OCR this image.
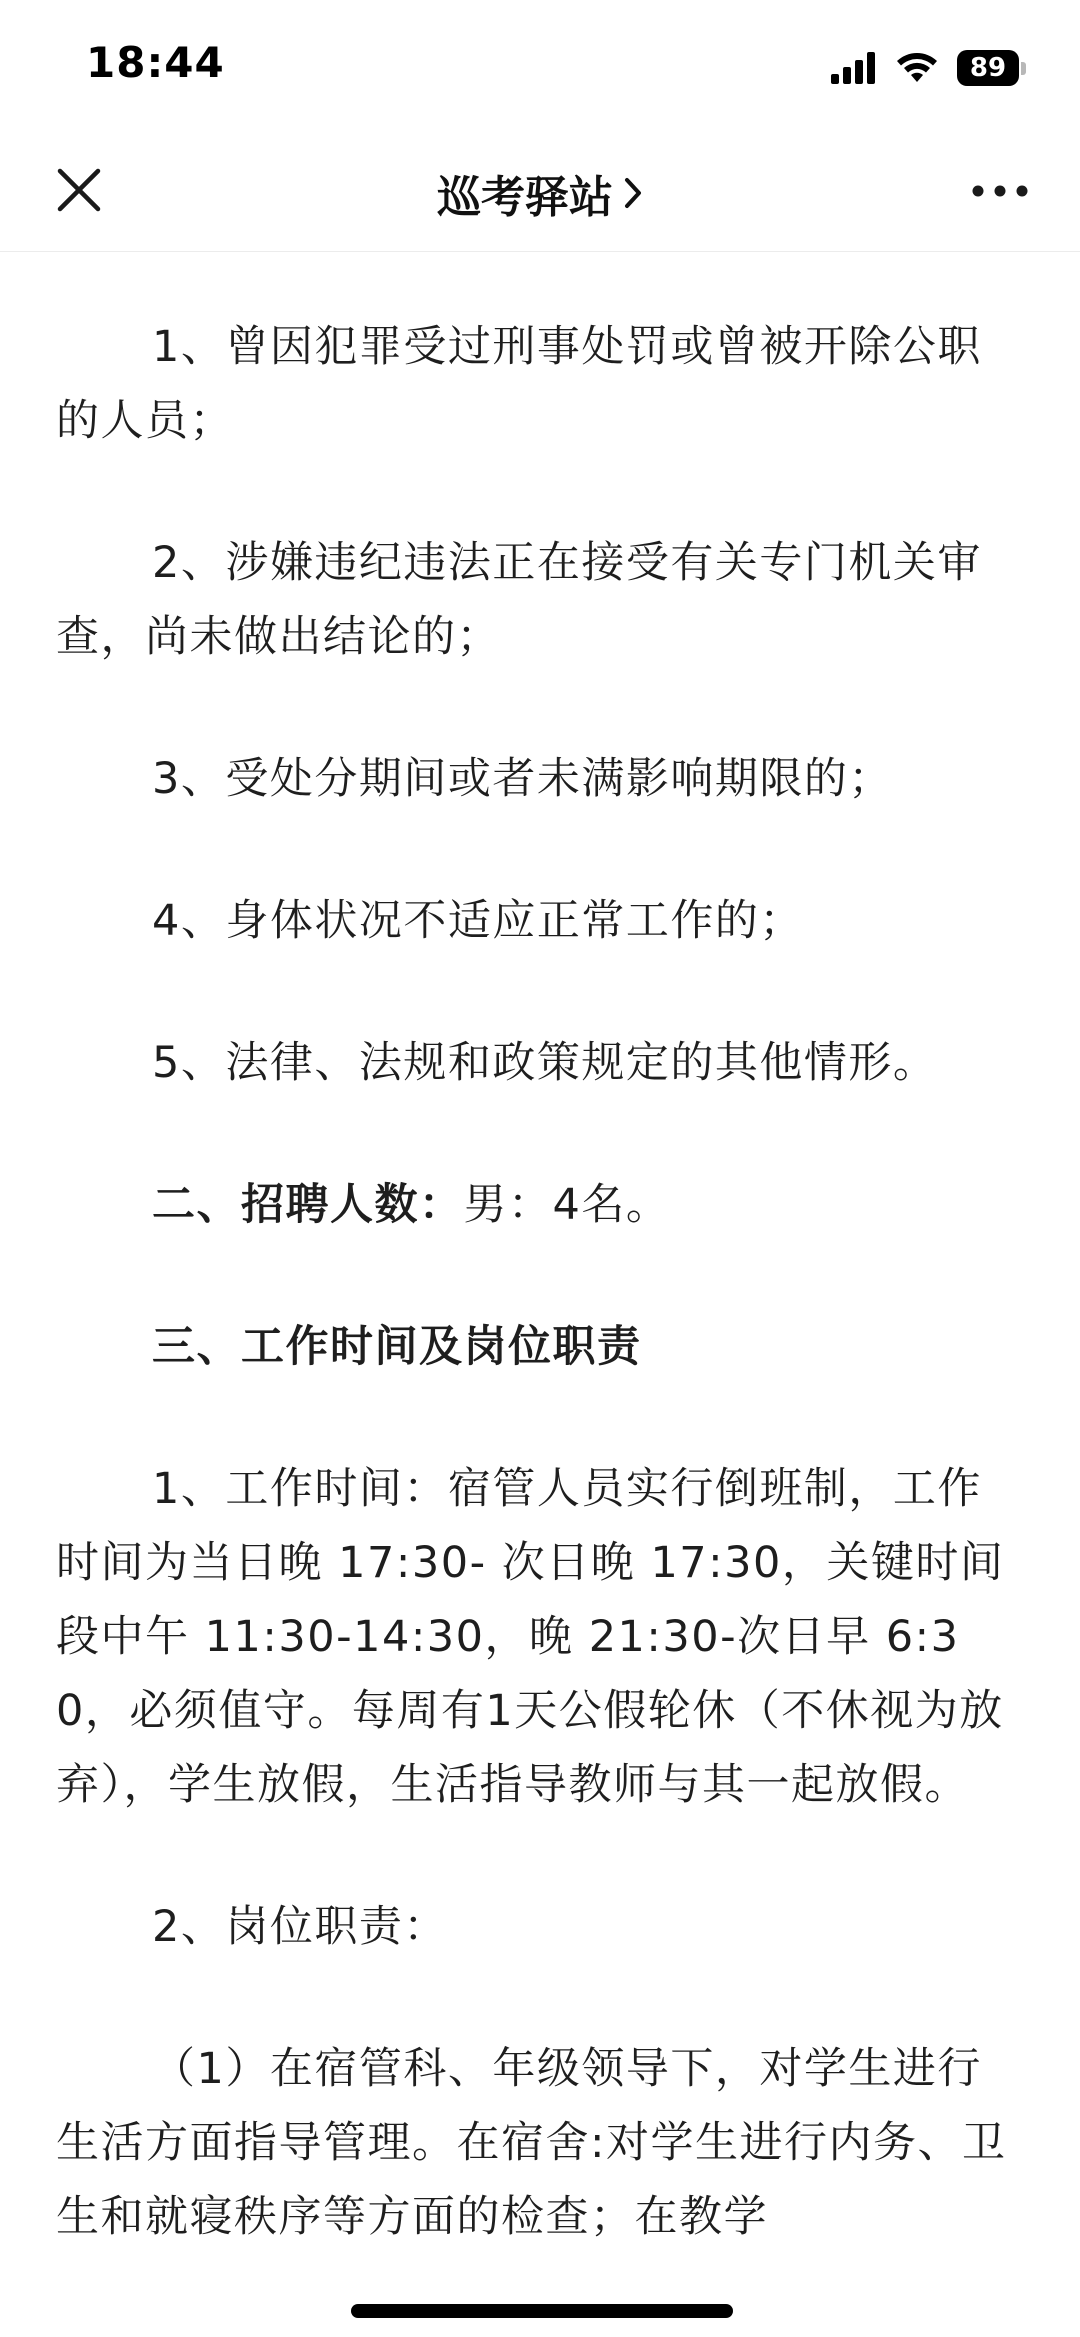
18:44	89
巡考驿站

1、曾因犯罪受过刑事处罚或曾被开除公职的人员；

2、涉嫌违纪违法正在接受有关专门机关审查，尚未做出结论的；

3、受处分期间或者未满影响期限的；

4、身体状况不适应正常工作的；

5、法律、法规和政策规定的其他情形。

二、招聘人数：男：4名。

三、工作时间及岗位职责

1、工作时间：宿管人员实行倒班制，工作时间为当日晚 17:30- 次日晚 17:30，关键时间段中午 11:30-14:30，晚 21:30-次日早 6:30，必须值守。每周有1天公假轮休（不休视为放弃），学生放假，生活指导教师与其一起放假。

2、岗位职责：

（1）在宿管科、年级领导下，对学生进行生活方面指导管理。在宿舍:对学生进行内务、卫生和就寝秩序等方面的检查；在教学
